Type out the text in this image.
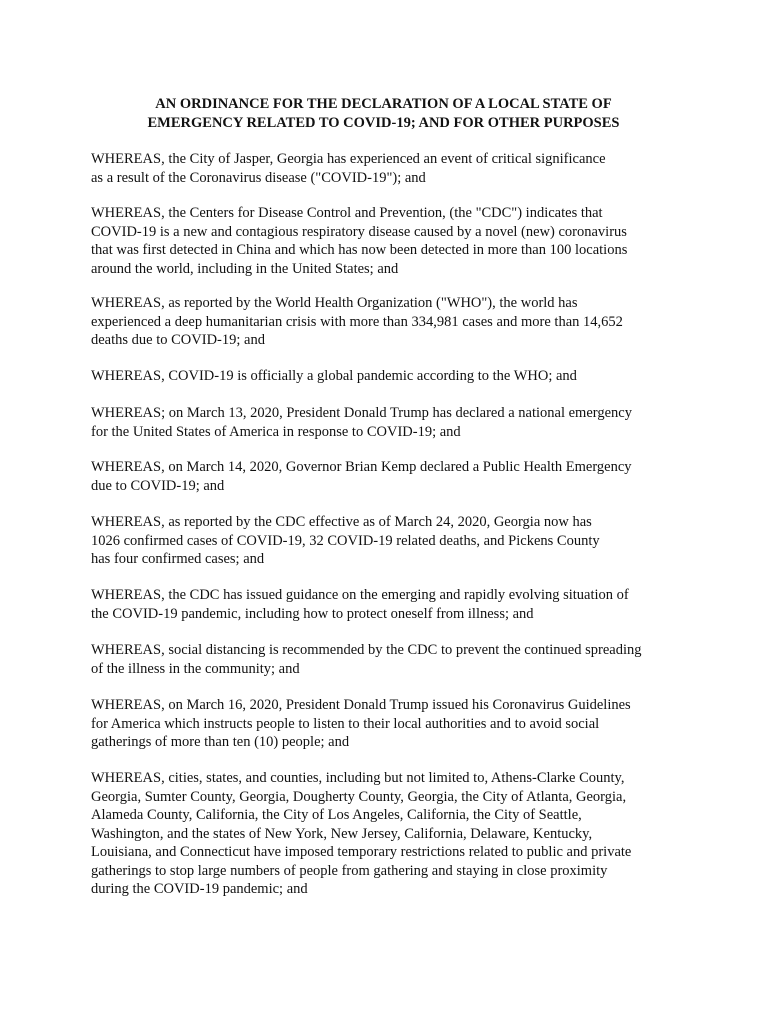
AN ORDINANCE FOR THE DECLARATION OF A LOCAL STATE OF
EMERGENCY RELATED TO COVID-19; AND FOR OTHER PURPOSES

WHEREAS, the City of Jasper, Georgia has experienced an event of critical significance
as a result of the Coronavirus disease ("COVID-19"); and

WHEREAS, the Centers for Disease Control and Prevention, (the "CDC") indicates that
COVID-19 is a new and contagious respiratory disease caused by a novel (new) coronavirus
that was first detected in China and which has now been detected in more than 100 locations
around the world, including in the United States; and

WHEREAS, as reported by the World Health Organization ("WHO"), the world has
experienced a deep humanitarian crisis with more than 334,981 cases and more than 14,652
deaths due to COVID-19; and

WHEREAS, COVID-19 is officially a global pandemic according to the WHO; and

WHEREAS; on March 13, 2020, President Donald Trump has declared a national emergency
for the United States of America in response to COVID-19; and

WHEREAS, on March 14, 2020, Governor Brian Kemp declared a Public Health Emergency
due to COVID-19; and

WHEREAS, as reported by the CDC effective as of March 24, 2020, Georgia now has
1026 confirmed cases of COVID-19, 32 COVID-19 related deaths, and Pickens County
has four confirmed cases; and

WHEREAS, the CDC has issued guidance on the emerging and rapidly evolving situation of
the COVID-19 pandemic, including how to protect oneself from illness; and

WHEREAS, social distancing is recommended by the CDC to prevent the continued spreading
of the illness in the community; and

WHEREAS, on March 16, 2020, President Donald Trump issued his Coronavirus Guidelines
for America which instructs people to listen to their local authorities and to avoid social
gatherings of more than ten (10) people; and

WHEREAS, cities, states, and counties, including but not limited to, Athens-Clarke County,
Georgia, Sumter County, Georgia, Dougherty County, Georgia, the City of Atlanta, Georgia,
Alameda County, California, the City of Los Angeles, California, the City of Seattle,
Washington, and the states of New York, New Jersey, California, Delaware, Kentucky,
Louisiana, and Connecticut have imposed temporary restrictions related to public and private
gatherings to stop large numbers of people from gathering and staying in close proximity
during the COVID-19 pandemic; and
